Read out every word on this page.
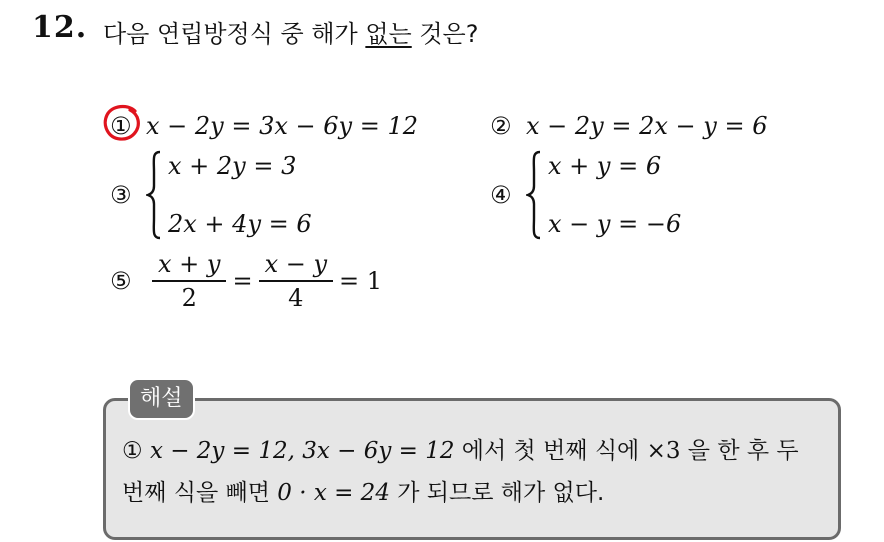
12. 다음 연립방정식 중 해가 없는 것은?
① x − 2y = 3x − 6y = 12	② x − 2y = 2x − y = 6
③
x + 2y = 3
2x + 4y = 6
④
x + y = 6
x − y = −6
⑤ $\frac{x + y}{2} = \frac{x - y}{4} = 1$
해설
① x − 2y = 12, 3x − 6y = 12 에서 첫 번째 식에 ×3 을 한 후 두
번째 식을 빼면 0 · x = 24 가 되므로 해가 없다.
